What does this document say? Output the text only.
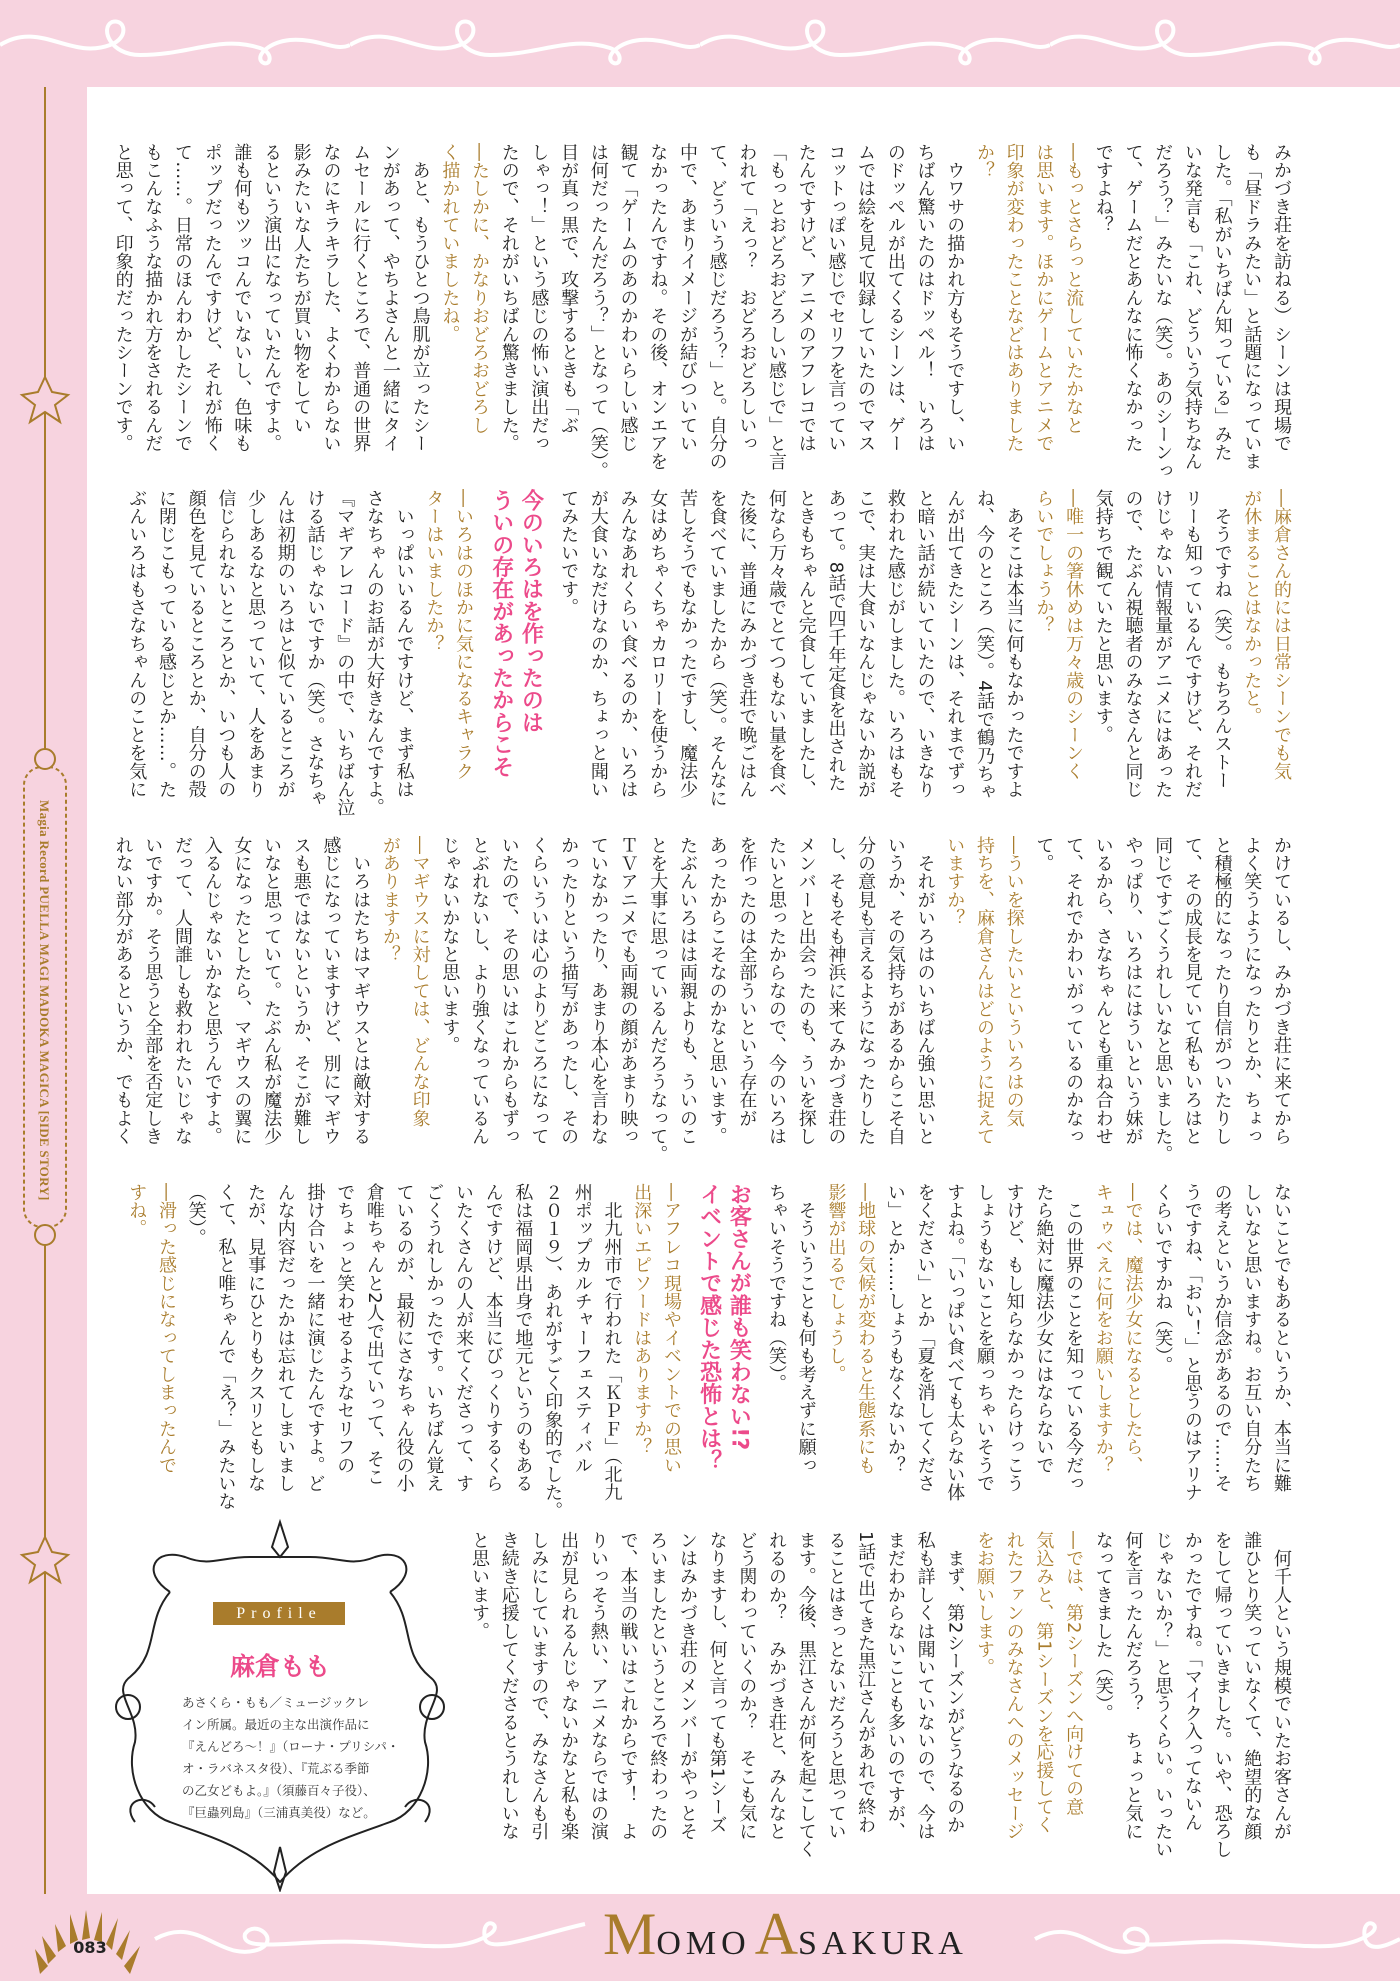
Magia Record PUELLA MAGI MADOKA MAGICA [SIDE STORY]
みかづき荘を訪ねる）シーンは現場で
も「昼ドラみたい」と話題になっていま
した。「私がいちばん知っている」みた
いな発言も「これ、どういう気持ちなん
だろう？」みたいな（笑）。あのシーンっ
て、ゲームだとあんなに怖くなかった
ですよね？
―もっとさらっと流していたかなと
は思います。ほかにゲームとアニメで
印象が変わったことなどはありました
か？
　ウワサの描かれ方もそうですし、い
ちばん驚いたのはドッペル！　いろは
のドッペルが出てくるシーンは、ゲー
ムでは絵を見て収録していたのでマス
コットっぽい感じでセリフを言ってい
たんですけど、アニメのアフレコでは
「もっとおどろおどろしい感じで」と言
われて「えっ？　おどろおどろしいっ
て、どういう感じだろう？」と。自分の
中で、あまりイメージが結びついてい
なかったんですね。その後、オンエアを
観て「ゲームのあのかわいらしい感じ
は何だったんだろう？」となって（笑）。
目が真っ黒で、攻撃するときも「ぶ
しゃっ！」という感じの怖い演出だっ
たので、それがいちばん驚きました。
―たしかに、かなりおどろおどろし
く描かれていましたね。
　あと、もうひとつ鳥肌が立ったシー
ンがあって、やちよさんと一緒にタイ
ムセールに行くところで、普通の世界
なのにキラキラした、よくわからない
影みたいな人たちが買い物をしてい
るという演出になっていたんですよ。
誰も何もツッコんでいないし、色味も
ポップだったんですけど、それが怖く
て……。日常のほんわかしたシーンで
もこんなふうな描かれ方をされるんだ
と思って、印象的だったシーンです。
―麻倉さん的には日常シーンでも気
が休まることはなかったと。
　そうですね（笑）。もちろんストー
リーも知っているんですけど、それだ
けじゃない情報量がアニメにはあった
ので、たぶん視聴者のみなさんと同じ
気持ちで観ていたと思います。
―唯一の箸休めは万々歳のシーンく
らいでしょうか？
　あそこは本当に何もなかったですよ
ね、今のところ（笑）。4話で鶴乃ちゃ
んが出てきたシーンは、それまでずっ
と暗い話が続いていたので、いきなり
救われた感じがしました。いろはもそ
こで、実は大食いなんじゃないか説が
あって。8話で四千年定食を出された
ときもちゃんと完食していましたし、
何なら万々歳でとてつもない量を食べ
た後に、普通にみかづき荘で晩ごはん
を食べていましたから（笑）。そんなに
苦しそうでもなかったですし、魔法少
女はめちゃくちゃカロリーを使うから
みんなあれくらい食べるのか、いろは
が大食いなだけなのか、ちょっと聞い
てみたいです。
今のいろはを作ったのは
ういの存在があったからこそ
―いろはのほかに気になるキャラク
ターはいましたか？
　いっぱいいるんですけど、まず私は
さなちゃんのお話が大好きなんですよ。
『マギアレコード』の中で、いちばん泣
ける話じゃないですか（笑）。さなちゃ
んは初期のいろはと似ているところが
少しあるなと思っていて、人をあまり
信じられないところとか、いつも人の
顔色を見ているところとか、自分の殻
に閉じこもっている感じとか……。た
ぶんいろはもさなちゃんのことを気に
かけているし、みかづき荘に来てから
よく笑うようになったりとか、ちょっ
と積極的になったり自信がついたりし
て、その成長を見ていて私もいろはと
同じですごくうれしいなと思いました。
やっぱり、いろはにはういという妹が
いるから、さなちゃんとも重ね合わせ
て、それでかわいがっているのかなっ
て。
―ういを探したいといういろはの気
持ちを、麻倉さんはどのように捉えて
いますか？
　それがいろはのいちばん強い思いと
いうか、その気持ちがあるからこそ自
分の意見も言えるようになったりした
し、そもそも神浜に来てみかづき荘の
メンバーと出会ったのも、ういを探し
たいと思ったからなので、今のいろは
を作ったのは全部ういという存在が
あったからこそなのかなと思います。
たぶんいろはは両親よりも、ういのこ
とを大事に思っているんだろうなって。
ＴＶアニメでも両親の顔があまり映っ
ていなかったり、あまり本心を言わな
かったりという描写があったし、その
くらいういは心のよりどころになって
いたので、その思いはこれからもずっ
とぶれないし、より強くなっているん
じゃないかなと思います。
―マギウスに対しては、どんな印象
がありますか？
　いろはたちはマギウスとは敵対する
感じになっていますけど、別にマギウ
スも悪ではないというか、そこが難し
いなと思っていて。たぶん私が魔法少
女になったとしたら、マギウスの翼に
入るんじゃないかなと思うんですよ。
だって、人間誰しも救われたいじゃな
いですか。そう思うと全部を否定しき
れない部分があるというか、でもよく
ないことでもあるというか、本当に難
しいなと思いますね。お互い自分たち
の考えというか信念があるので……そ
うですね、「おい！」と思うのはアリナ
くらいですかね（笑）。
―では、魔法少女になるとしたら、
キュゥべえに何をお願いしますか？
　この世界のことを知っている今だっ
たら絶対に魔法少女にはならないで
すけど、もし知らなかったらけっこう
しょうもないことを願っちゃいそうで
すよね。「いっぱい食べても太らない体
をください」とか「夏を消してくださ
い」とか……しょうもなくないか？
―地球の気候が変わると生態系にも
影響が出るでしょうし。
　そういうことも何も考えずに願っ
ちゃいそうですね（笑）。
お客さんが誰も笑わない!?
イベントで感じた恐怖とは？
―アフレコ現場やイベントでの思い
出深いエピソードはありますか？
　北九州市で行われた「ＫＰＦ」（北九
州ポップカルチャーフェスティバル
２０１９）、あれがすごく印象的でした。
私は福岡県出身で地元というのもある
んですけど、本当にびっくりするくら
いたくさんの人が来てくださって、す
ごくうれしかったです。いちばん覚え
ているのが、最初にさなちゃん役の小
倉唯ちゃんと2人で出ていって、そこ
でちょっと笑わせるようなセリフの
掛け合いを一緒に演じたんですよ。ど
んな内容だったかは忘れてしまいまし
たが、見事にひとりもクスリともしな
くて、私と唯ちゃんで「え？」みたいな
（笑）。
―滑った感じになってしまったんで
すね。
　何千人という規模でいたお客さんが
誰ひとり笑っていなくて、絶望的な顔
をして帰っていきました。いや、恐ろし
かったですね。「マイク入ってないん
じゃないか？」と思うくらい。いったい
何を言ったんだろう？　ちょっと気に
なってきました（笑）。
―では、第2シーズンへ向けての意
気込みと、第1シーズンを応援してく
れたファンのみなさんへのメッセージ
をお願いします。
　まず、第2シーズンがどうなるのか
私も詳しくは聞いていないので、今は
まだわからないことも多いのですが、
1話で出てきた黒江さんがあれで終わ
ることはきっとないだろうと思ってい
ます。今後、黒江さんが何を起こしてく
れるのか？　みかづき荘と、みんなと
どう関わっていくのか？　そこも気に
なりますし、何と言っても第1シーズ
ンはみかづき荘のメンバーがやっとそ
ろいましたというところで終わったの
で、本当の戦いはこれからです！　よ
りいっそう熱い、アニメならではの演
出が見られるんじゃないかなと私も楽
しみにしていますので、みなさんも引
き続き応援してくださるとうれしいな
と思います。
Profile
麻倉もも
あさくら・もも／ミュージックレ
イン所属。最近の主な出演作品に
『えんどろ～！』（ローナ・プリシパ・
オ・ラバネスタ役）、『荒ぶる季節
の乙女どもよ。』（須藤百々子役）、
『巨蟲列島』（三浦真美役）など。
083	MOMO ASAKURA
